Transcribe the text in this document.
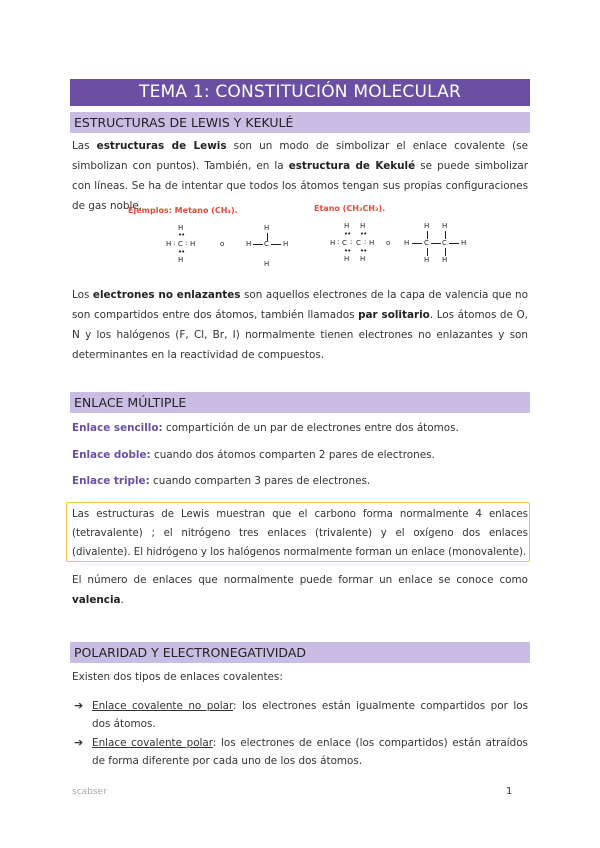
TEMA 1: CONSTITUCIÓN MOLECULAR
ESTRUCTURAS DE LEWIS Y KEKULÉ
Las estructuras de Lewis son un modo de simbolizar el enlace covalente (se simbolizan con puntos). También, en la estructura de Kekulé se puede simbolizar con líneas. Se ha de intentar que todos los átomos tengan sus propias configuraciones de gas noble.
Ejemplos: Metano (CH₄).	Etano (CH₃CH₃).
H
••
H : C : H
••
H
o
H
H C H
H
H H
•• ••
H : C : C : H
•• ••
H H
o
H H
H C C H
H H
Los electrones no enlazantes son aquellos electrones de la capa de valencia que no son compartidos entre dos átomos, también llamados par solitario. Los átomos de O, N y los halógenos (F, Cl, Br, I) normalmente tienen electrones no enlazantes y son determinantes en la reactividad de compuestos.
ENLACE MÚLTIPLE
Enlace sencillo: compartición de un par de electrones entre dos átomos.
Enlace doble: cuando dos átomos comparten 2 pares de electrones.
Enlace triple: cuando comparten 3 pares de electrones.
Las estructuras de Lewis muestran que el carbono forma normalmente 4 enlaces (tetravalente) ; el nitrógeno tres enlaces (trivalente) y el oxígeno dos enlaces (divalente). El hidrógeno y los halógenos normalmente forman un enlace (monovalente).
El número de enlaces que normalmente puede formar un enlace se conoce como valencia.
POLARIDAD Y ELECTRONEGATIVIDAD
Existen dos tipos de enlaces covalentes:
➔ Enlace covalente no polar: los electrones están igualmente compartidos por los dos átomos.
➔ Enlace covalente polar: los electrones de enlace (los compartidos) están atraídos de forma diferente por cada uno de los dos átomos.
scabser	1
